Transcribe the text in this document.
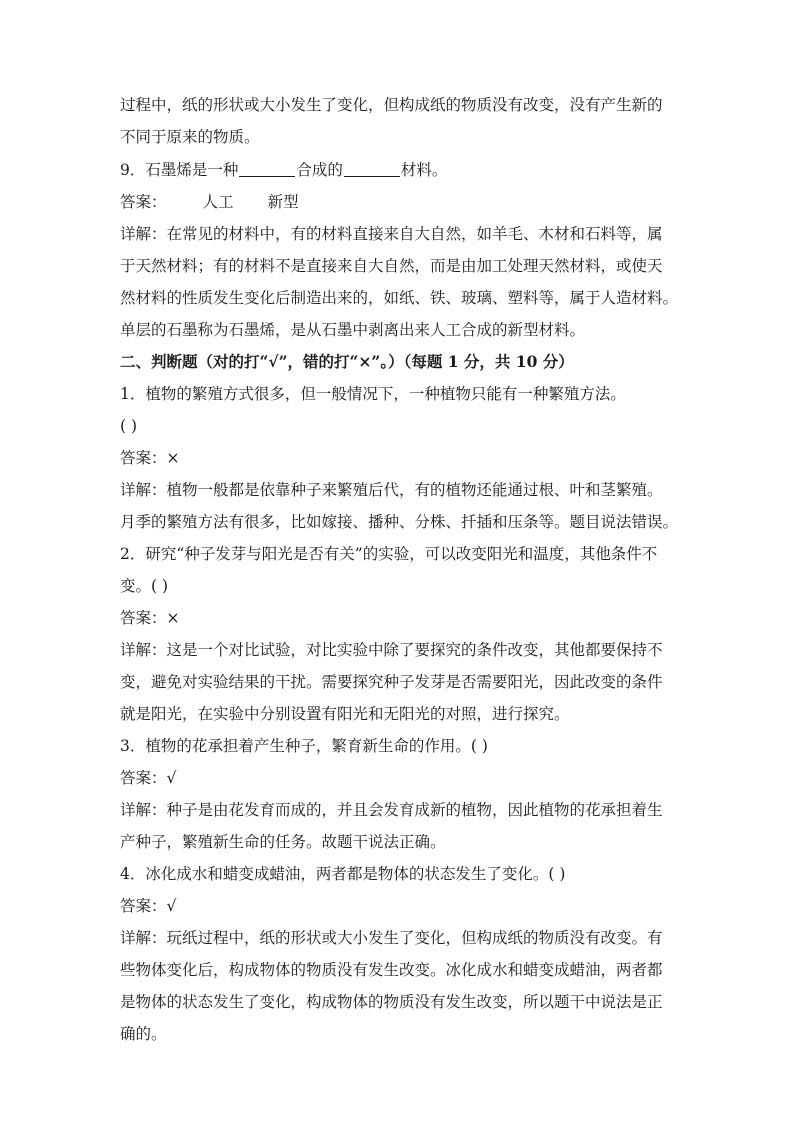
过程中，纸的形状或大小发生了变化，但构成纸的物质没有改变，没有产生新的
不同于原来的物质。
9．石墨烯是一种	合成的	材料。
答案： 人工 新型
详解：在常见的材料中，有的材料直接来自大自然，如羊毛、木材和石料等，属
于天然材料；有的材料不是直接来自大自然，而是由加工处理天然材料，或使天
然材料的性质发生变化后制造出来的，如纸、铁、玻璃、塑料等，属于人造材料。
单层的石墨称为石墨烯，是从石墨中剥离出来人工合成的新型材料。
二、判断题（对的打“√”，错的打“×”。）（每题 1 分，共 10 分）
1．植物的繁殖方式很多，但一般情况下，一种植物只能有一种繁殖方法。
( )
答案：×
详解：植物一般都是依靠种子来繁殖后代，有的植物还能通过根、叶和茎繁殖。
月季的繁殖方法有很多，比如嫁接、播种、分株、扦插和压条等。题目说法错误。
2．研究“种子发芽与阳光是否有关”的实验，可以改变阳光和温度，其他条件不
变。( )
答案：×
详解：这是一个对比试验，对比实验中除了要探究的条件改变，其他都要保持不
变，避免对实验结果的干扰。需要探究种子发芽是否需要阳光，因此改变的条件
就是阳光，在实验中分别设置有阳光和无阳光的对照，进行探究。
3．植物的花承担着产生种子，繁育新生命的作用。( )
答案：√
详解：种子是由花发育而成的，并且会发育成新的植物，因此植物的花承担着生
产种子，繁殖新生命的任务。故题干说法正确。
4．冰化成水和蜡变成蜡油，两者都是物体的状态发生了变化。( )
答案：√
详解：玩纸过程中，纸的形状或大小发生了变化，但构成纸的物质没有改变。有
些物体变化后，构成物体的物质没有发生改变。冰化成水和蜡变成蜡油，两者都
是物体的状态发生了变化，构成物体的物质没有发生改变，所以题干中说法是正
确的。
